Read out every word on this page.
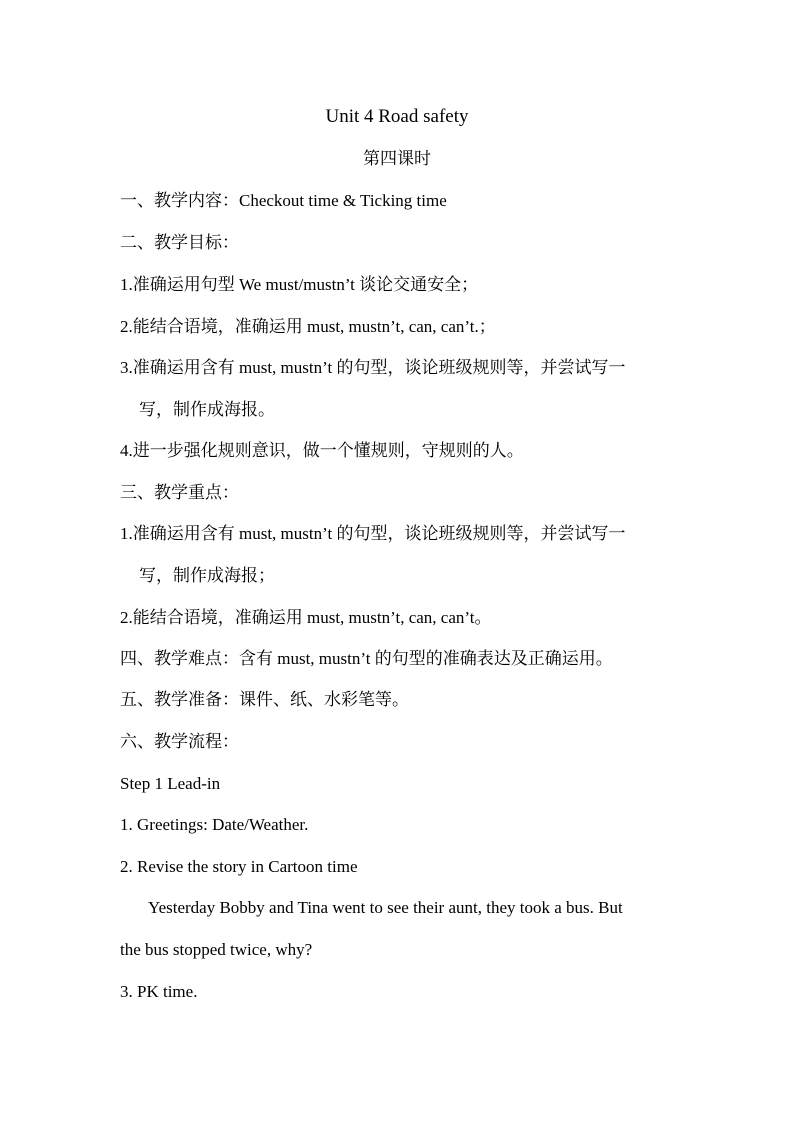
Unit 4 Road safety
第四课时
一、教学内容：Checkout time & Ticking time
二、教学目标：
1.准确运用句型 We must/mustn’t 谈论交通安全；
2.能结合语境，准确运用 must, mustn’t, can, can’t.；
3.准确运用含有 must, mustn’t 的句型，谈论班级规则等，并尝试写一
写，制作成海报。
4.进一步强化规则意识，做一个懂规则，守规则的人。
三、教学重点：
1.准确运用含有 must, mustn’t 的句型，谈论班级规则等，并尝试写一
写，制作成海报；
2.能结合语境，准确运用 must, mustn’t, can, can’t。
四、教学难点：含有 must, mustn’t 的句型的准确表达及正确运用。
五、教学准备：课件、纸、水彩笔等。
六、教学流程：
Step 1 Lead-in
1. Greetings: Date/Weather.
2. Revise the story in Cartoon time
Yesterday Bobby and Tina went to see their aunt, they took a bus. But
the bus stopped twice, why?
3. PK time.
